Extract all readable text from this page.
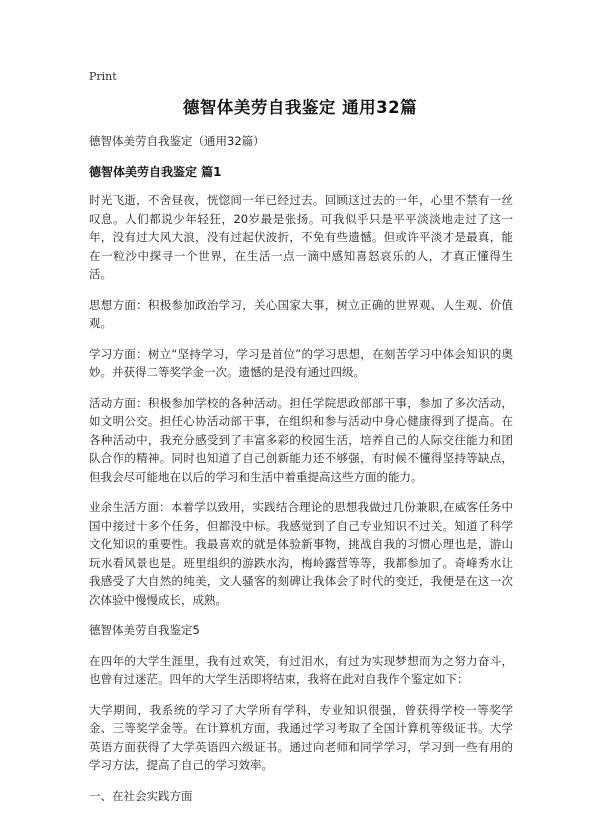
Print
德智体美劳自我鉴定 通用32篇

德智体美劳自我鉴定（通用32篇）

德智体美劳自我鉴定 篇1

时光飞逝，不舍昼夜，恍惚间一年已经过去。回顾这过去的一年，心里不禁有一丝叹息。人们都说少年轻狂，20岁最是张扬。可我似乎只是平平淡淡地走过了这一年，没有过大风大浪，没有过起伏波折，不免有些遗憾。但或许平淡才是最真，能在一粒沙中探寻一个世界，在生活一点一滴中感知喜怒哀乐的人，才真正懂得生活。

思想方面：积极参加政治学习，关心国家大事，树立正确的世界观、人生观、价值观。

学习方面：树立“坚持学习，学习是首位”的学习思想，在刻苦学习中体会知识的奥妙。并获得二等奖学金一次。遗憾的是没有通过四级。

活动方面：积极参加学校的各种活动。担任学院思政部部干事，参加了多次活动，如文明公交。担任心协活动部干事，在组织和参与活动中身心健康得到了提高。在各种活动中，我充分感受到了丰富多彩的校园生活，培养自己的人际交往能力和团队合作的精神。同时也知道了自己创新能力还不够强，有时候不懂得坚持等缺点，但我会尽可能地在以后的学习和生活中着重提高这些方面的能力。

业余生活方面：本着学以致用，实践结合理论的思想我做过几份兼职,在威客任务中国中接过十多个任务，但都没中标。我感觉到了自己专业知识不过关。知道了科学文化知识的重要性。我最喜欢的就是体验新事物，挑战自我的习惯心理也是，游山玩水看风景也是。班里组织的游跌水沟，梅岭露营等等，我都参加了。奇峰秀水让我感受了大自然的纯美，文人骚客的刻碑让我体会了时代的变迁，我便是在这一次次体验中慢慢成长，成熟。

德智体美劳自我鉴定5

在四年的大学生涯里，我有过欢笑，有过泪水，有过为实现梦想而为之努力奋斗，也曾有过迷茫。四年的大学生活即将结束，我将在此对自我作个鉴定如下：

大学期间，我系统的学习了大学所有学科，专业知识很强，曾获得学校一等奖学金、三等奖学金等。在计算机方面，我通过学习考取了全国计算机等级证书。大学英语方面获得了大学英语四六级证书。通过向老师和同学学习，学习到一些有用的学习方法，提高了自己的学习效率。

一、在社会实践方面
